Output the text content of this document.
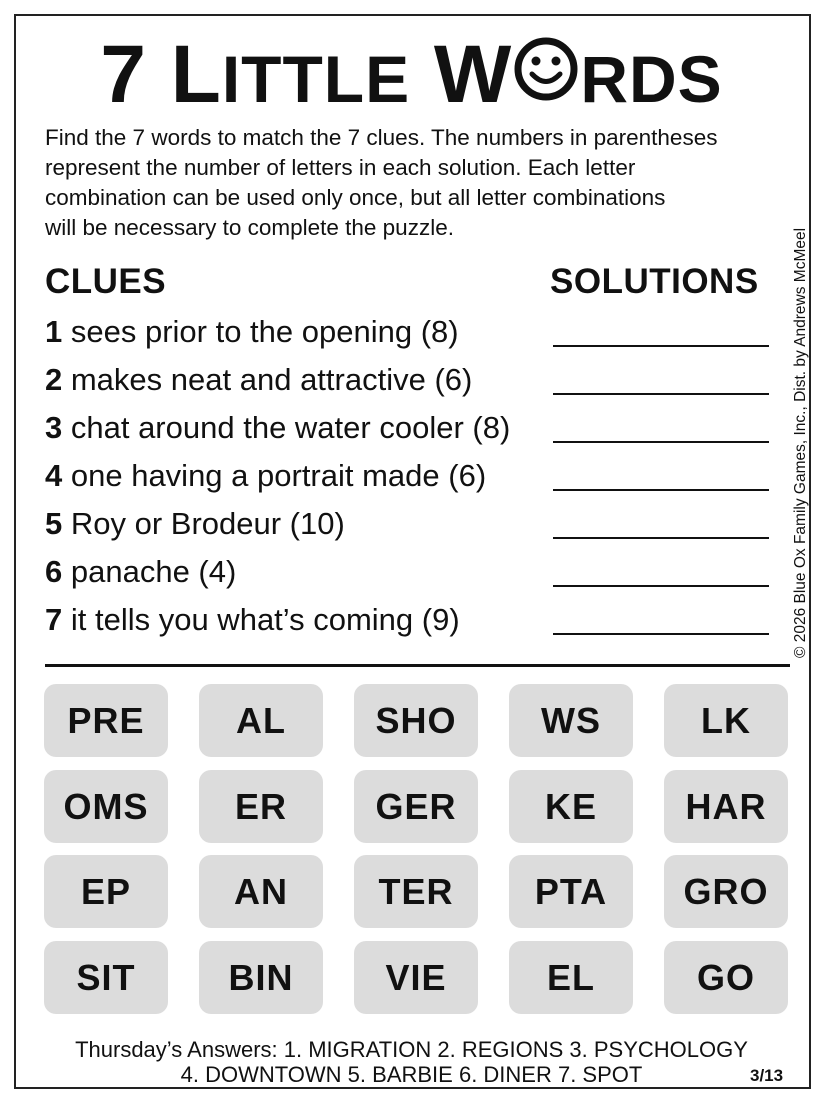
7 LITTLE W RDS
Find the 7 words to match the 7 clues. The numbers in parentheses
represent the number of letters in each solution. Each letter
combination can be used only once, but all letter combinations
will be necessary to complete the puzzle.
CLUES	SOLUTIONS
1 sees prior to the opening (8)
2 makes neat and attractive (6)
3 chat around the water cooler (8)
4 one having a portrait made (6)
5 Roy or Brodeur (10)
6 panache (4)
7 it tells you what’s coming (9)
PRE	AL	SHO	WS	LK
OMS	ER	GER	KE	HAR
EP	AN	TER	PTA	GRO
SIT	BIN	VIE	EL	GO
© 2026 Blue Ox Family Games, Inc., Dist. by Andrews McMeel
Thursday’s Answers: 1. MIGRATION 2. REGIONS 3. PSYCHOLOGY
4. DOWNTOWN 5. BARBIE 6. DINER 7. SPOT	3/13
